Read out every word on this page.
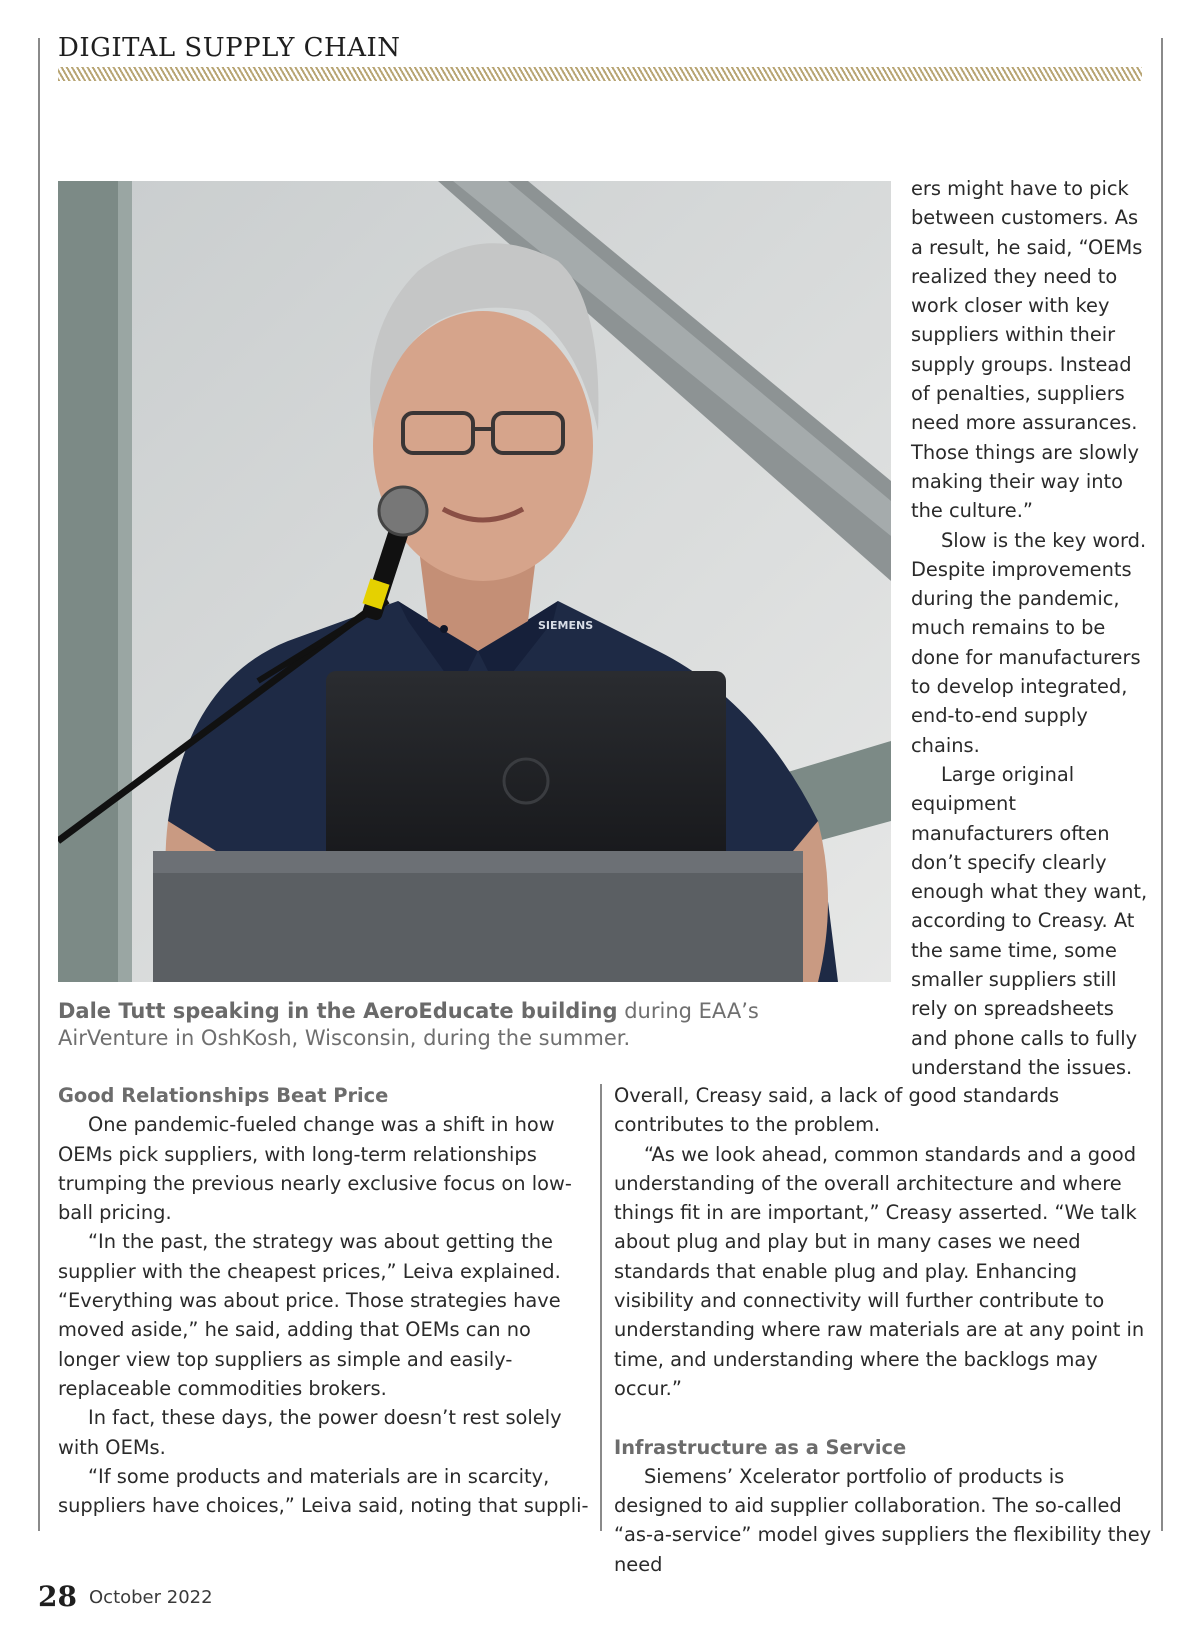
DIGITAL SUPPLY CHAIN
SIEMENS
Dale Tutt speaking in the AeroEducate building during EAA’s AirVenture in OshKosh, Wisconsin, during the summer.

ers might have to pick between customers. As a result, he said, “OEMs realized they need to work closer with key suppliers within their supply groups. Instead of penalties, suppliers need more assurances. Those things are slowly making their way into the culture.”

Slow is the key word. Despite improvements during the pandemic, much remains to be done for manufacturers to develop integrated, end-to-end supply chains.

Large original equipment manufacturers often don’t specify clearly enough what they want, according to Creasy. At the same time, some smaller suppliers still rely on spreadsheets and phone calls to fully understand the issues.

Good Relationships Beat Price

One pandemic-fueled change was a shift in how OEMs pick suppliers, with long-term relationships trumping the previous nearly exclusive focus on low-ball pricing.

“In the past, the strategy was about getting the supplier with the cheapest prices,” Leiva explained. “Everything was about price. Those strategies have moved aside,” he said, adding that OEMs can no longer view top suppliers as simple and easily-replaceable commodities brokers.

In fact, these days, the power doesn’t rest solely with OEMs.

“If some products and materials are in scarcity, suppliers have choices,” Leiva said, noting that suppli-

Overall, Creasy said, a lack of good standards contributes to the problem.

“As we look ahead, common standards and a good understanding of the overall architecture and where things fit in are important,” Creasy asserted. “We talk about plug and play but in many cases we need standards that enable plug and play. Enhancing visibility and connectivity will further contribute to understanding where raw materials are at any point in time, and understanding where the backlogs may occur.”

Infrastructure as a Service

Siemens’ Xcelerator portfolio of products is designed to aid supplier collaboration. The so-called “as-a-service” model gives suppliers the flexibility they need

28 October 2022
